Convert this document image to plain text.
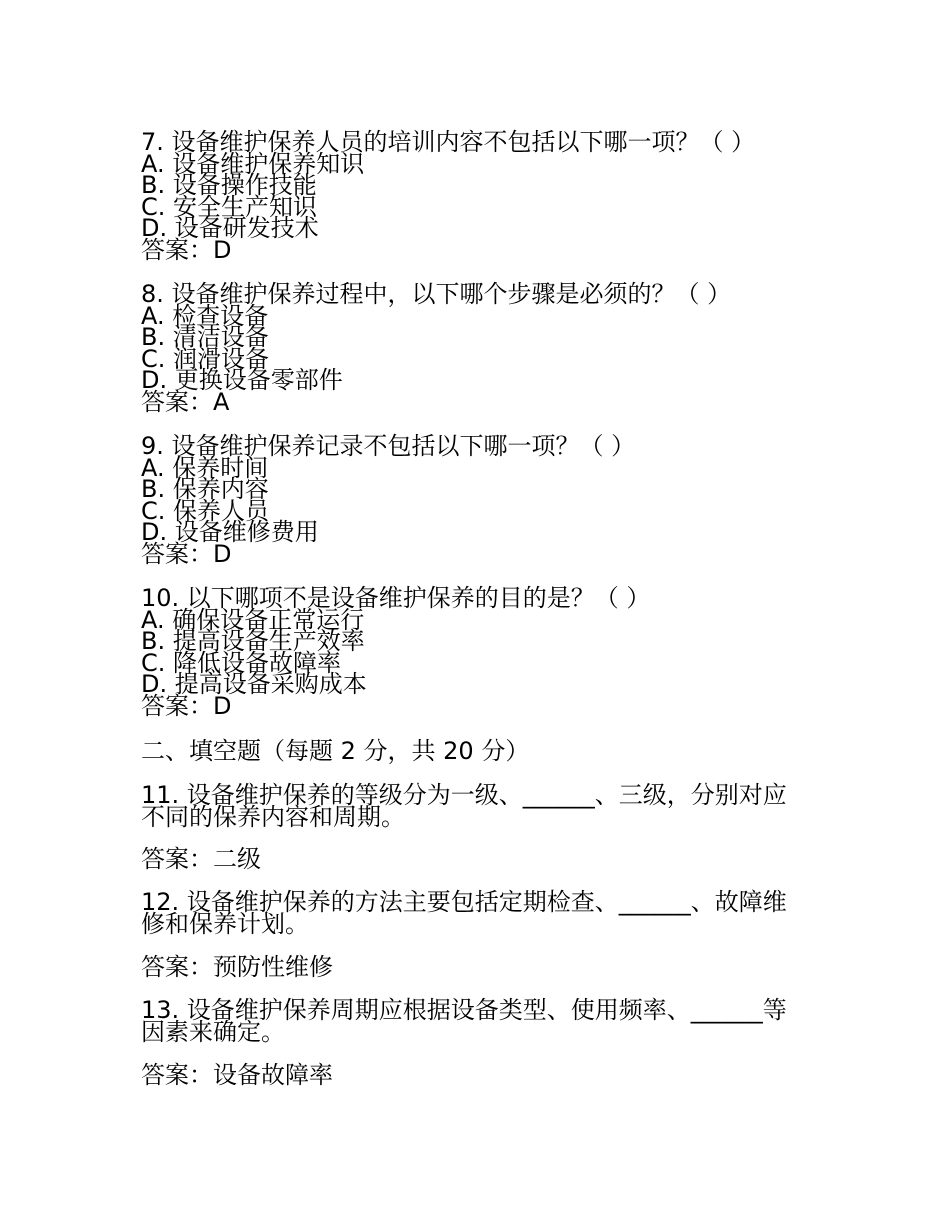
7. 设备维护保养人员的培训内容不包括以下哪一项？（ ）
A. 设备维护保养知识
B. 设备操作技能
C. 安全生产知识
D. 设备研发技术
答案：D
8. 设备维护保养过程中，以下哪个步骤是必须的？（ ）
A. 检查设备
B. 清洁设备
C. 润滑设备
D. 更换设备零部件
答案：A
9. 设备维护保养记录不包括以下哪一项？（ ）
A. 保养时间
B. 保养内容
C. 保养人员
D. 设备维修费用
答案：D
10. 以下哪项不是设备维护保养的目的是？（ ）
A. 确保设备正常运行
B. 提高设备生产效率
C. 降低设备故障率
D. 提高设备采购成本
答案：D
二、填空题（每题 2 分，共 20 分）
11. 设备维护保养的等级分为一级、______、三级，分别对应不同的保养内容和周期。
答案：二级
12. 设备维护保养的方法主要包括定期检查、______、故障维修和保养计划。
答案：预防性维修
13. 设备维护保养周期应根据设备类型、使用频率、______等因素来确定。
答案：设备故障率
